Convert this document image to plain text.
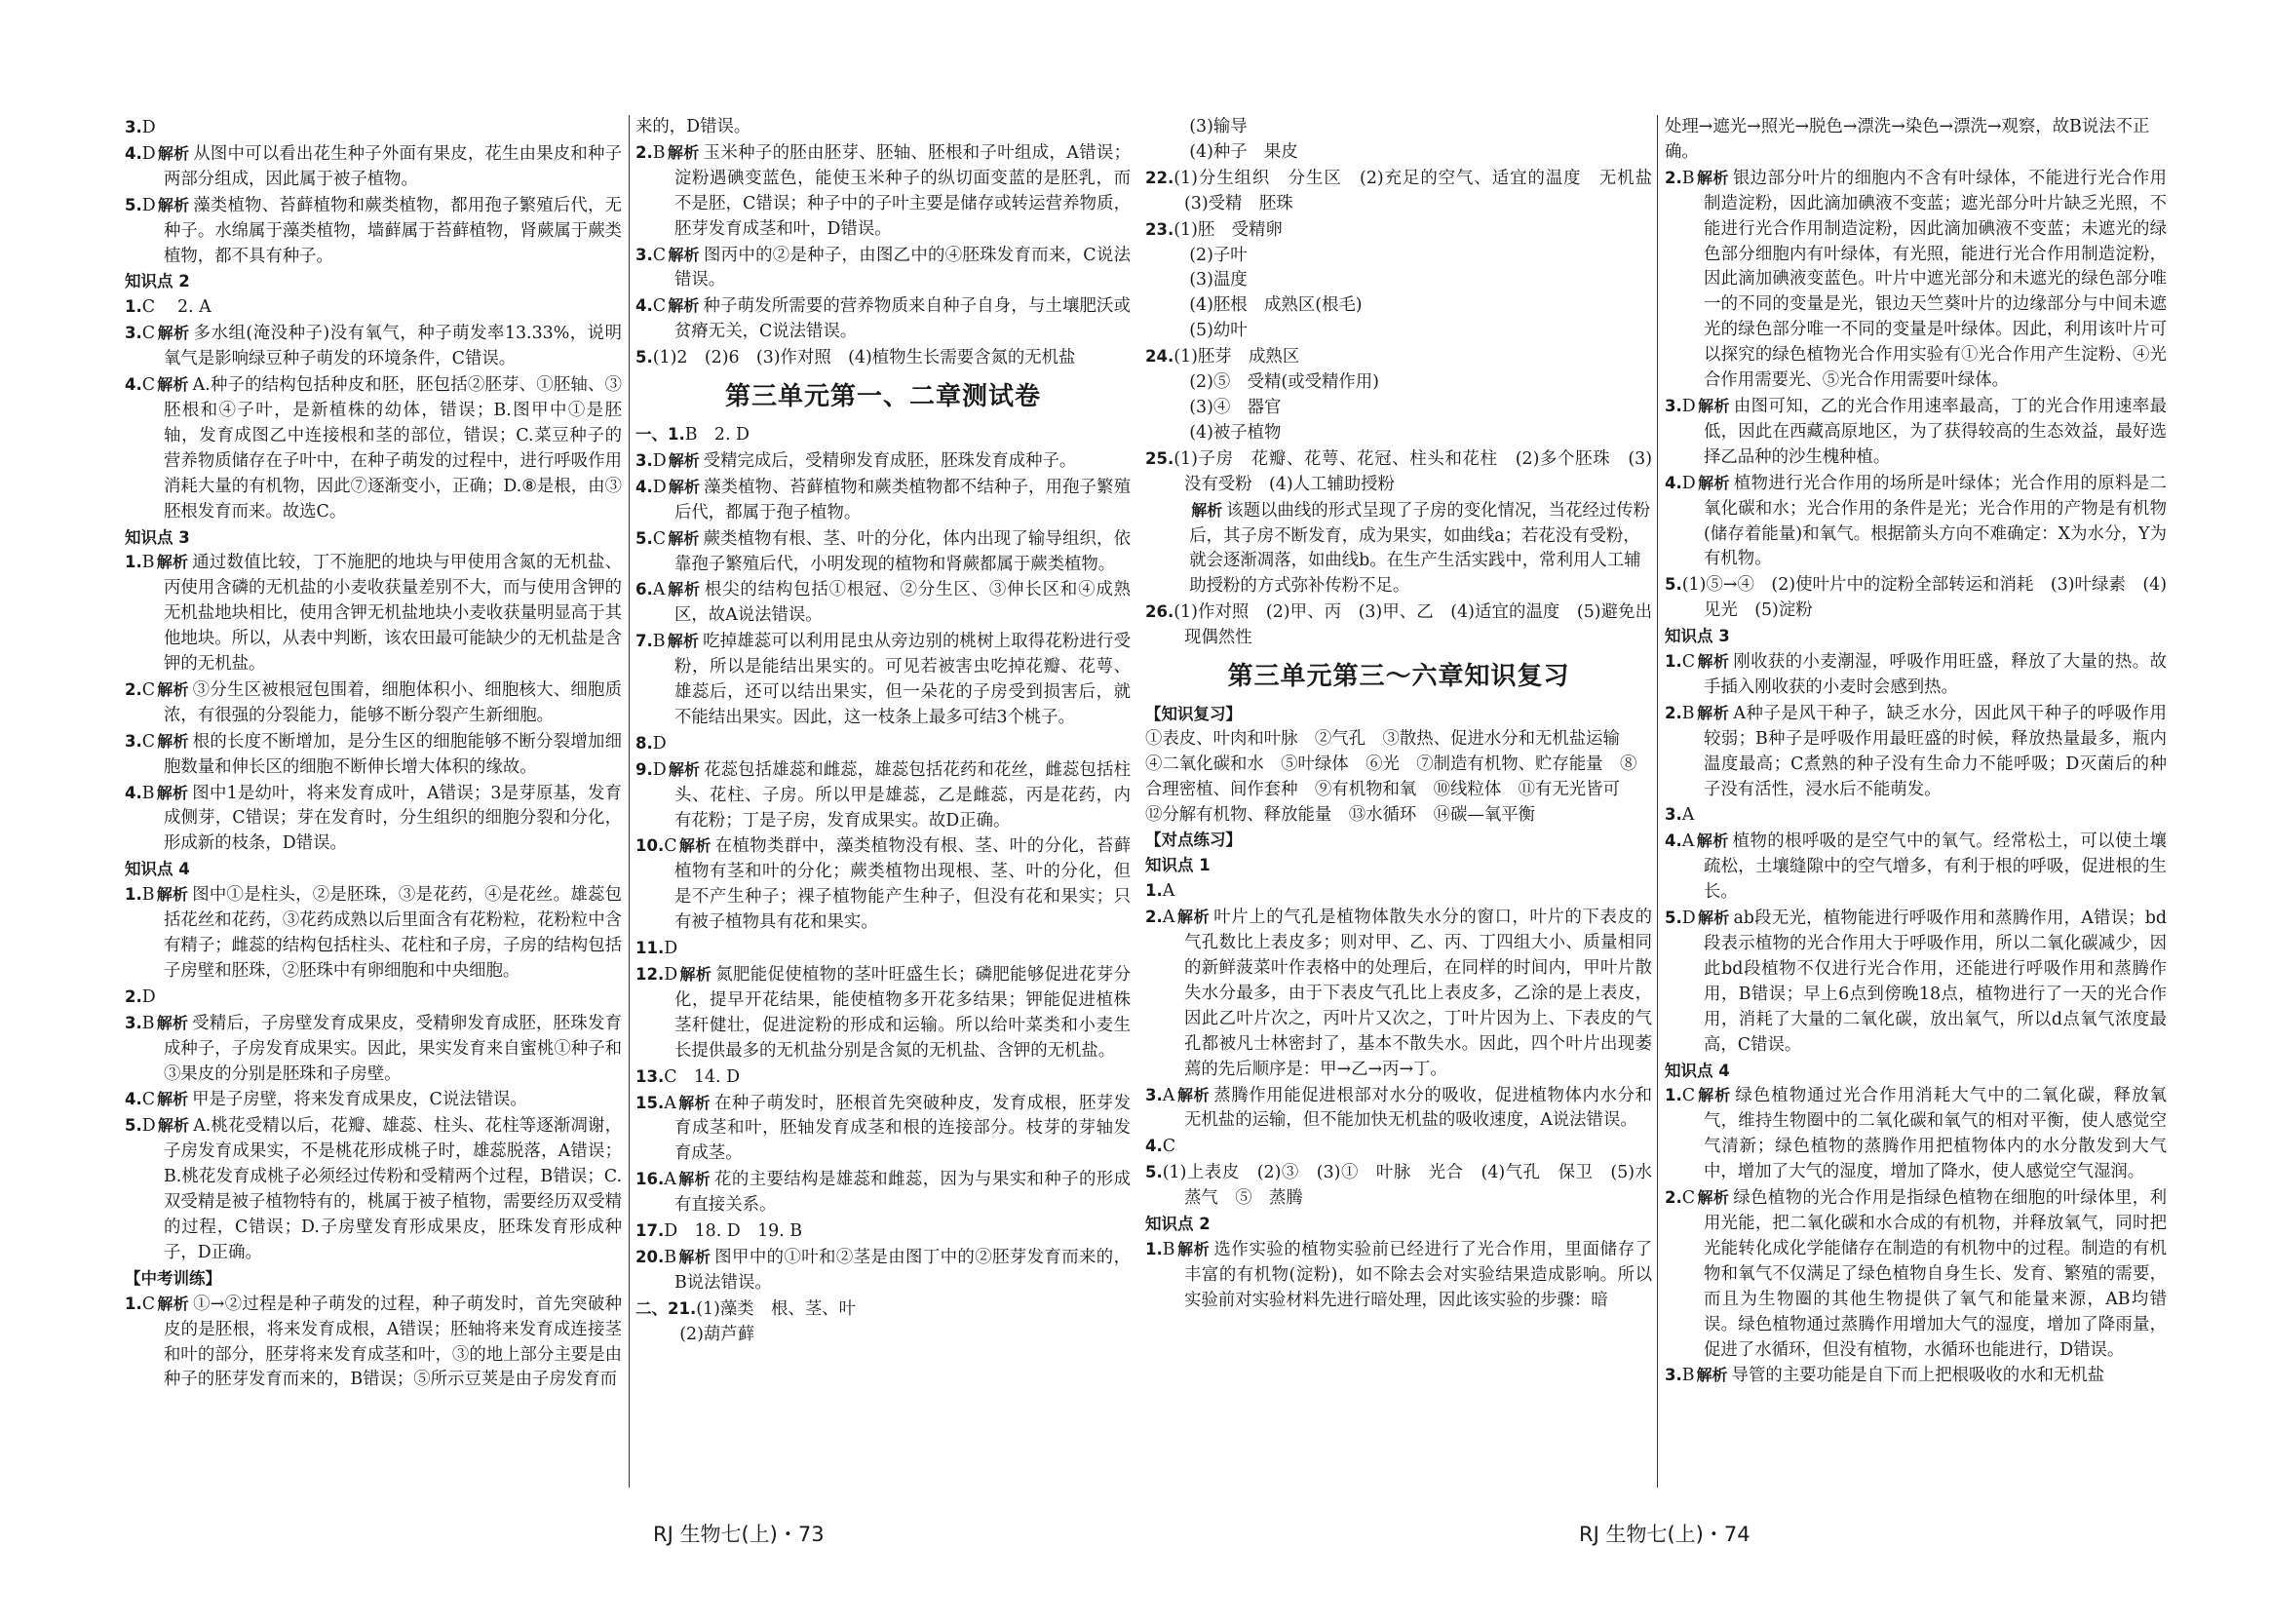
3.D

4.D 解析 从图中可以看出花生种子外面有果皮，花生由果皮和种子两部分组成，因此属于被子植物。

5.D 解析 藻类植物、苔藓植物和蕨类植物，都用孢子繁殖后代，无种子。水绵属于藻类植物，墙藓属于苔藓植物，肾蕨属于蕨类植物，都不具有种子。

知识点 2

1.C　 2. A

3.C 解析 多水组(淹没种子)没有氧气，种子萌发率13.33%，说明氧气是影响绿豆种子萌发的环境条件，C错误。

4.C 解析 A.种子的结构包括种皮和胚，胚包括②胚芽、①胚轴、③胚根和④子叶，是新植株的幼体，错误；B.图甲中①是胚轴，发育成图乙中连接根和茎的部位，错误；C.菜豆种子的营养物质储存在子叶中，在种子萌发的过程中，进行呼吸作用消耗大量的有机物，因此⑦逐渐变小，正确；D.⑧是根，由③胚根发育而来。故选C。

知识点 3

1.B 解析 通过数值比较，丁不施肥的地块与甲使用含氮的无机盐、丙使用含磷的无机盐的小麦收获量差别不大，而与使用含钾的无机盐地块相比，使用含钾无机盐地块小麦收获量明显高于其他地块。所以，从表中判断，该农田最可能缺少的无机盐是含钾的无机盐。

2.C 解析 ③分生区被根冠包围着，细胞体积小、细胞核大、细胞质浓，有很强的分裂能力，能够不断分裂产生新细胞。

3.C 解析 根的长度不断增加，是分生区的细胞能够不断分裂增加细胞数量和伸长区的细胞不断伸长增大体积的缘故。

4.B 解析 图中1是幼叶，将来发育成叶，A错误；3是芽原基，发育成侧芽，C错误；芽在发育时，分生组织的细胞分裂和分化，形成新的枝条，D错误。

知识点 4

1.B 解析 图中①是柱头，②是胚珠，③是花药，④是花丝。雄蕊包括花丝和花药，③花药成熟以后里面含有花粉粒，花粉粒中含有精子；雌蕊的结构包括柱头、花柱和子房，子房的结构包括子房壁和胚珠，②胚珠中有卵细胞和中央细胞。

2.D

3.B 解析 受精后，子房壁发育成果皮，受精卵发育成胚，胚珠发育成种子，子房发育成果实。因此，果实发育来自蜜桃①种子和③果皮的分别是胚珠和子房壁。

4.C 解析 甲是子房壁，将来发育成果皮，C说法错误。

5.D 解析 A.桃花受精以后，花瓣、雄蕊、柱头、花柱等逐渐凋谢，子房发育成果实，不是桃花形成桃子时，雄蕊脱落，A错误；B.桃花发育成桃子必须经过传粉和受精两个过程，B错误；C.双受精是被子植物特有的，桃属于被子植物，需要经历双受精的过程，C错误；D.子房壁发育形成果皮，胚珠发育形成种子，D正确。

【中考训练】

1.C 解析 ①→②过程是种子萌发的过程，种子萌发时，首先突破种皮的是胚根，将来发育成根，A错误；胚轴将来发育成连接茎和叶的部分，胚芽将来发育成茎和叶，③的地上部分主要是由种子的胚芽发育而来的，B错误；⑤所示豆荚是由子房发育而

来的，D错误。

2.B 解析 玉米种子的胚由胚芽、胚轴、胚根和子叶组成，A错误；淀粉遇碘变蓝色，能使玉米种子的纵切面变蓝的是胚乳，而不是胚，C错误；种子中的子叶主要是储存或转运营养物质，胚芽发育成茎和叶，D错误。

3.C 解析 图丙中的②是种子，由图乙中的④胚珠发育而来，C说法错误。

4.C 解析 种子萌发所需要的营养物质来自种子自身，与土壤肥沃或贫瘠无关，C说法错误。

5.(1)2　(2)6　(3)作对照　(4)植物生长需要含氮的无机盐

第三单元第一、二章测试卷

一、1.B　2. D

3.D 解析 受精完成后，受精卵发育成胚，胚珠发育成种子。

4.D 解析 藻类植物、苔藓植物和蕨类植物都不结种子，用孢子繁殖后代，都属于孢子植物。

5.C 解析 蕨类植物有根、茎、叶的分化，体内出现了输导组织，依靠孢子繁殖后代，小明发现的植物和肾蕨都属于蕨类植物。

6.A 解析 根尖的结构包括①根冠、②分生区、③伸长区和④成熟区，故A说法错误。

7.B 解析 吃掉雄蕊可以利用昆虫从旁边别的桃树上取得花粉进行受粉，所以是能结出果实的。可见若被害虫吃掉花瓣、花萼、雄蕊后，还可以结出果实，但一朵花的子房受到损害后，就不能结出果实。因此，这一枝条上最多可结3个桃子。

8.D

9.D 解析 花蕊包括雄蕊和雌蕊，雄蕊包括花药和花丝，雌蕊包括柱头、花柱、子房。所以甲是雄蕊，乙是雌蕊，丙是花药，内有花粉；丁是子房，发育成果实。故D正确。

10.C 解析 在植物类群中，藻类植物没有根、茎、叶的分化，苔藓植物有茎和叶的分化；蕨类植物出现根、茎、叶的分化，但是不产生种子；裸子植物能产生种子，但没有花和果实；只有被子植物具有花和果实。

11.D

12.D 解析 氮肥能促使植物的茎叶旺盛生长；磷肥能够促进花芽分化，提早开花结果，能使植物多开花多结果；钾能促进植株茎秆健壮，促进淀粉的形成和运输。所以给叶菜类和小麦生长提供最多的无机盐分别是含氮的无机盐、含钾的无机盐。

13.C　14. D

15.A 解析 在种子萌发时，胚根首先突破种皮，发育成根，胚芽发育成茎和叶，胚轴发育成茎和根的连接部分。枝芽的芽轴发育成茎。

16.A 解析 花的主要结构是雄蕊和雌蕊，因为与果实和种子的形成有直接关系。

17.D　18. D　19. B

20.B 解析 图甲中的①叶和②茎是由图丁中的②胚芽发育而来的，B说法错误。

二、21.(1)藻类　根、茎、叶

(2)葫芦藓

(3)输导

(4)种子　果皮

22.(1)分生组织　分生区　(2)充足的空气、适宜的温度　无机盐　(3)受精　胚珠

23.(1)胚　受精卵

(2)子叶

(3)温度

(4)胚根　成熟区(根毛)

(5)幼叶

24.(1)胚芽　成熟区

(2)⑤　受精(或受精作用)

(3)④　器官

(4)被子植物

25.(1)子房　花瓣、花萼、花冠、柱头和花柱　(2)多个胚珠　(3)没有受粉　(4)人工辅助授粉

解析 该题以曲线的形式呈现了子房的变化情况，当花经过传粉后，其子房不断发育，成为果实，如曲线a；若花没有受粉，就会逐渐凋落，如曲线b。在生产生活实践中，常利用人工辅助授粉的方式弥补传粉不足。

26.(1)作对照　(2)甲、丙　(3)甲、乙　(4)适宜的温度　(5)避免出现偶然性

第三单元第三～六章知识复习

【知识复习】

①表皮、叶肉和叶脉　②气孔　③散热、促进水分和无机盐运输　④二氧化碳和水　⑤叶绿体　⑥光　⑦制造有机物、贮存能量　⑧合理密植、间作套种　⑨有机物和氧　⑩线粒体　⑪有无光皆可　⑫分解有机物、释放能量　⑬水循环　⑭碳—氧平衡

【对点练习】

知识点 1

1.A

2.A 解析 叶片上的气孔是植物体散失水分的窗口，叶片的下表皮的气孔数比上表皮多；则对甲、乙、丙、丁四组大小、质量相同的新鲜菠菜叶作表格中的处理后，在同样的时间内，甲叶片散失水分最多，由于下表皮气孔比上表皮多，乙涂的是上表皮，因此乙叶片次之，丙叶片又次之，丁叶片因为上、下表皮的气孔都被凡士林密封了，基本不散失水。因此，四个叶片出现萎蔫的先后顺序是：甲→乙→丙→丁。

3.A 解析 蒸腾作用能促进根部对水分的吸收，促进植物体内水分和无机盐的运输，但不能加快无机盐的吸收速度，A说法错误。

4.C

5.(1)上表皮　(2)③　(3)①　叶脉　光合　(4)气孔　保卫　(5)水蒸气　⑤　蒸腾

知识点 2

1.B 解析 选作实验的植物实验前已经进行了光合作用，里面储存了丰富的有机物(淀粉)，如不除去会对实验结果造成影响。所以实验前对实验材料先进行暗处理，因此该实验的步骤：暗

处理→遮光→照光→脱色→漂洗→染色→漂洗→观察，故B说法不正确。

2.B 解析 银边部分叶片的细胞内不含有叶绿体，不能进行光合作用制造淀粉，因此滴加碘液不变蓝；遮光部分叶片缺乏光照，不能进行光合作用制造淀粉，因此滴加碘液不变蓝；未遮光的绿色部分细胞内有叶绿体，有光照，能进行光合作用制造淀粉，因此滴加碘液变蓝色。叶片中遮光部分和未遮光的绿色部分唯一的不同的变量是光，银边天竺葵叶片的边缘部分与中间未遮光的绿色部分唯一不同的变量是叶绿体。因此，利用该叶片可以探究的绿色植物光合作用实验有①光合作用产生淀粉、④光合作用需要光、⑤光合作用需要叶绿体。

3.D 解析 由图可知，乙的光合作用速率最高，丁的光合作用速率最低，因此在西藏高原地区，为了获得较高的生态效益，最好选择乙品种的沙生槐种植。

4.D 解析 植物进行光合作用的场所是叶绿体；光合作用的原料是二氧化碳和水；光合作用的条件是光；光合作用的产物是有机物(储存着能量)和氧气。根据箭头方向不难确定：X为水分，Y为有机物。

5.(1)⑤→④　(2)使叶片中的淀粉全部转运和消耗　(3)叶绿素　(4)见光　(5)淀粉

知识点 3

1.C 解析 刚收获的小麦潮湿，呼吸作用旺盛，释放了大量的热。故手插入刚收获的小麦时会感到热。

2.B 解析 A种子是风干种子，缺乏水分，因此风干种子的呼吸作用较弱；B种子是呼吸作用最旺盛的时候，释放热量最多，瓶内温度最高；C煮熟的种子没有生命力不能呼吸；D灭菌后的种子没有活性，浸水后不能萌发。

3.A

4.A 解析 植物的根呼吸的是空气中的氧气。经常松土，可以使土壤疏松，土壤缝隙中的空气增多，有利于根的呼吸，促进根的生长。

5.D 解析 ab段无光，植物能进行呼吸作用和蒸腾作用，A错误；bd段表示植物的光合作用大于呼吸作用，所以二氧化碳减少，因此bd段植物不仅进行光合作用，还能进行呼吸作用和蒸腾作用，B错误；早上6点到傍晚18点，植物进行了一天的光合作用，消耗了大量的二氧化碳，放出氧气，所以d点氧气浓度最高，C错误。

知识点 4

1.C 解析 绿色植物通过光合作用消耗大气中的二氧化碳，释放氧气，维持生物圈中的二氧化碳和氧气的相对平衡，使人感觉空气清新；绿色植物的蒸腾作用把植物体内的水分散发到大气中，增加了大气的湿度，增加了降水，使人感觉空气湿润。

2.C 解析 绿色植物的光合作用是指绿色植物在细胞的叶绿体里，利用光能，把二氧化碳和水合成的有机物，并释放氧气，同时把光能转化成化学能储存在制造的有机物中的过程。制造的有机物和氧气不仅满足了绿色植物自身生长、发育、繁殖的需要，而且为生物圈的其他生物提供了氧气和能量来源，AB均错误。绿色植物通过蒸腾作用增加大气的湿度，增加了降雨量，促进了水循环，但没有植物，水循环也能进行，D错误。

3.B 解析 导管的主要功能是自下而上把根吸收的水和无机盐

RJ 生物七(上)・73	RJ 生物七(上)・74
